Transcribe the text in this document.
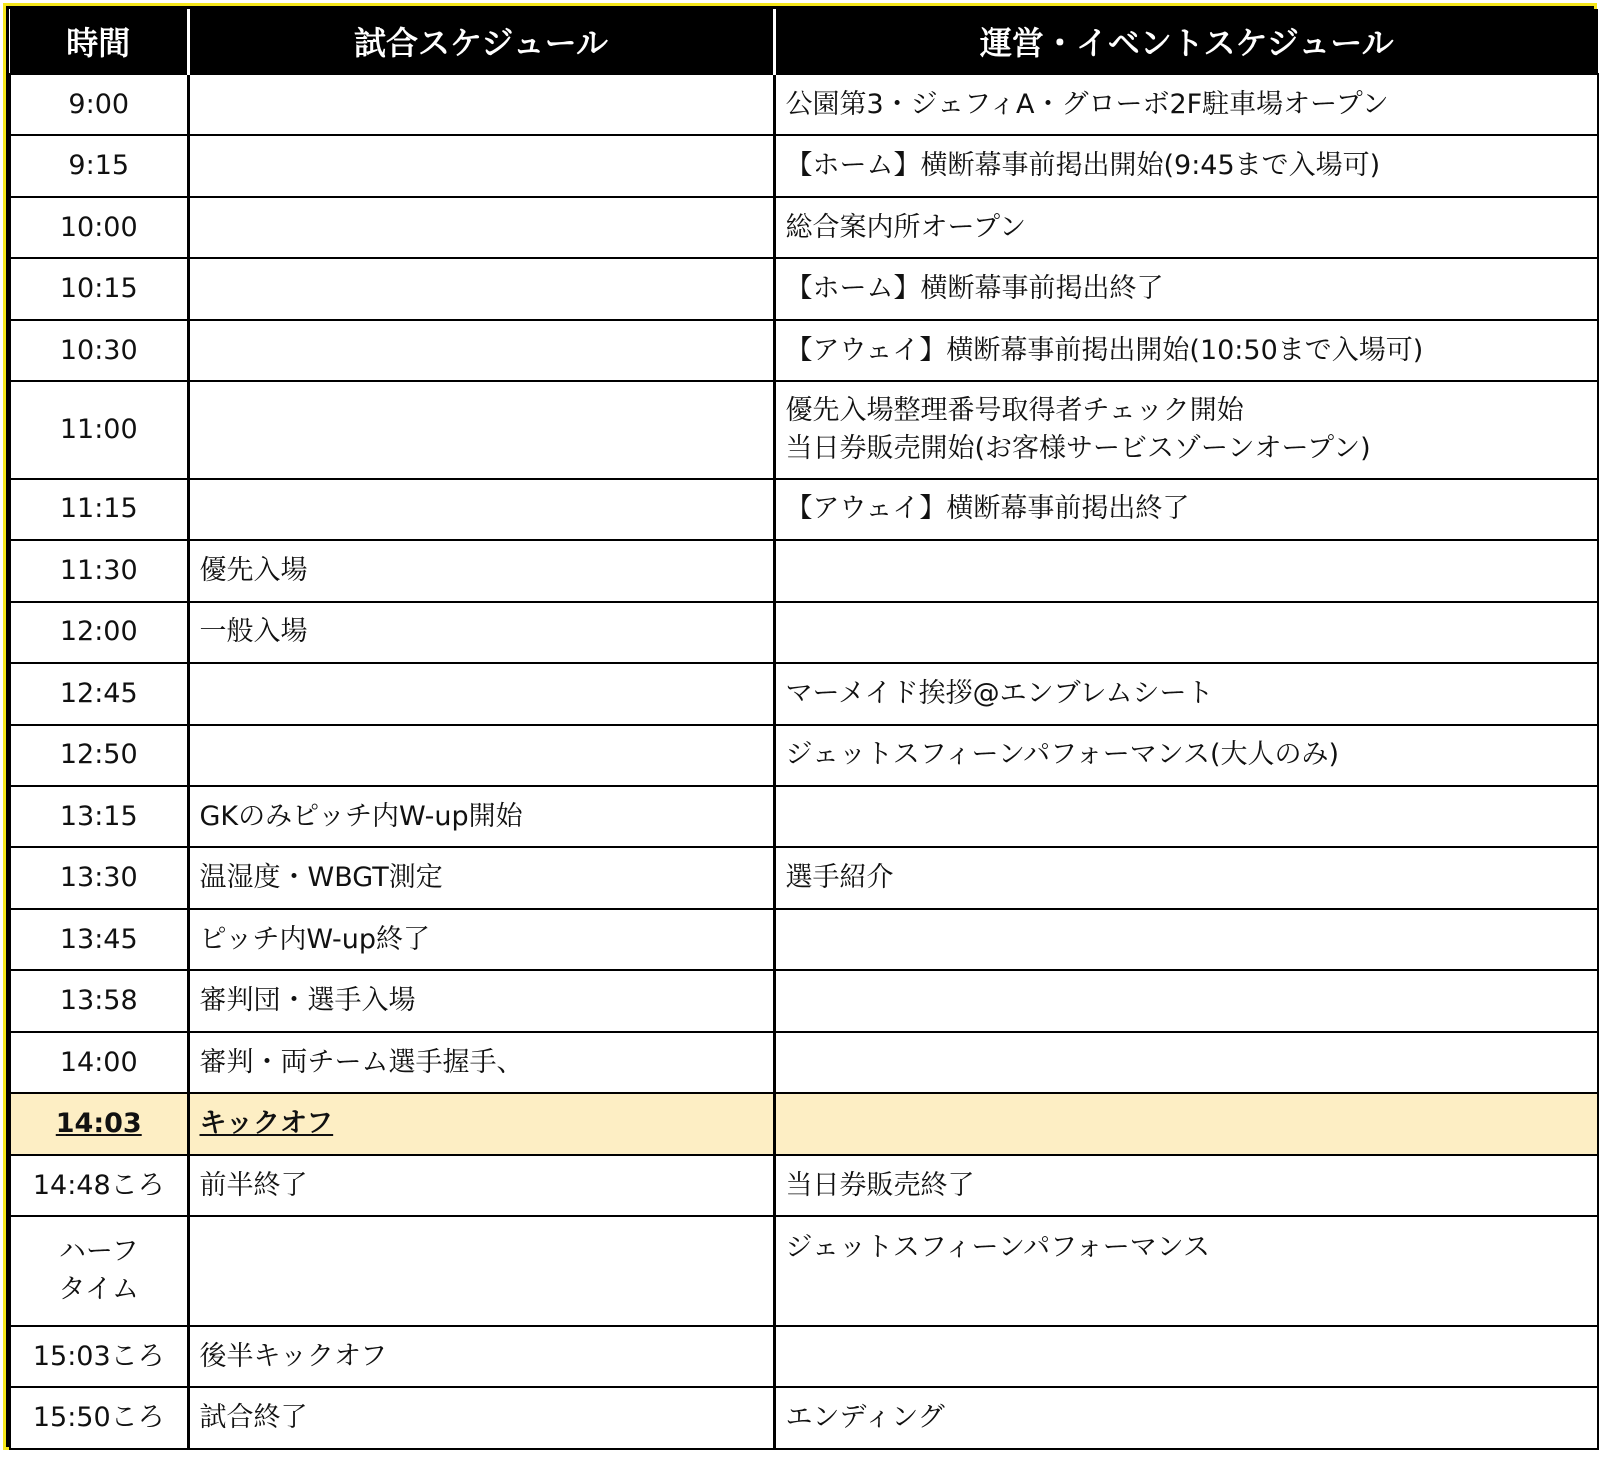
時間	試合スケジュール	運営・イベントスケジュール
9:00		公園第3・ジェフィA・グローボ2F駐車場オープン
9:15		【ホーム】横断幕事前掲出開始(9:45まで入場可)
10:00		総合案内所オープン
10:15		【ホーム】横断幕事前掲出終了
10:30		【アウェイ】横断幕事前掲出開始(10:50まで入場可)
11:00		優先入場整理番号取得者チェック開始
当日券販売開始(お客様サービスゾーンオープン)
11:15		【アウェイ】横断幕事前掲出終了
11:30	優先入場	
12:00	一般入場	
12:45		マーメイド挨拶@エンブレムシート
12:50		ジェットスフィーンパフォーマンス(大人のみ)
13:15	GKのみピッチ内W-up開始	
13:30	温湿度・WBGT測定	選手紹介
13:45	ピッチ内W-up終了	
13:58	審判団・選手入場	
14:00	審判・両チーム選手握手、	
14:03	キックオフ	
14:48ころ	前半終了	当日券販売終了
ハーフ
タイム		ジェットスフィーンパフォーマンス
15:03ころ	後半キックオフ	
15:50ころ	試合終了	エンディング
